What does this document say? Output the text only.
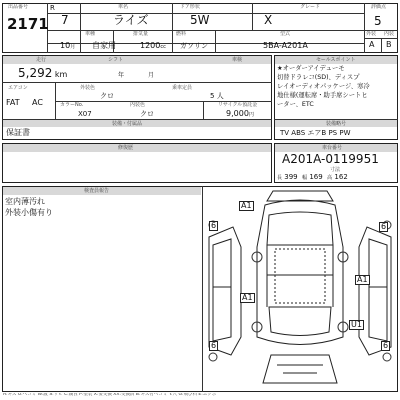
出品番号
2171
R
7
車名
ライズ
ドア形状
5W
グレード
X
評価点
5
10月
車種
自家用
排気量
1200cc
燃料
ガソリン
型式
5BA-A201A
外装 内装
A B
走行	シフト	車検
5,292 km	年	月
エアコン
FAT AC
外装色
クロ
乗車定員
5 人
カラーNo.	内装色	リサイクル預託金
X07	クロ	9,000円
装備・付属品
保証書
セールスポイント
★オーダーアイデューモ
切替ドラレコ(SD)、ディスプ
レイオーディオパッケージ、寒冷
地仕様(運転席・助手席シートヒ
ーター、ETC
装備略号
TV ABS エアB PS PW
修復歴	車台番号
A201A-0119951
寸法
長 399 幅 169 高 162
検査員報告
室内薄汚れ
外装小傷有り
A1
A1
A1
U1
6	6
6	6
A:キズ U:ヘコミ W:波 S:サビ C:腐食 P:塗装 X:要交換 XX:交換済 B:キズ付ヘコミ Y:穴 G:飛び石 E:エクボ
